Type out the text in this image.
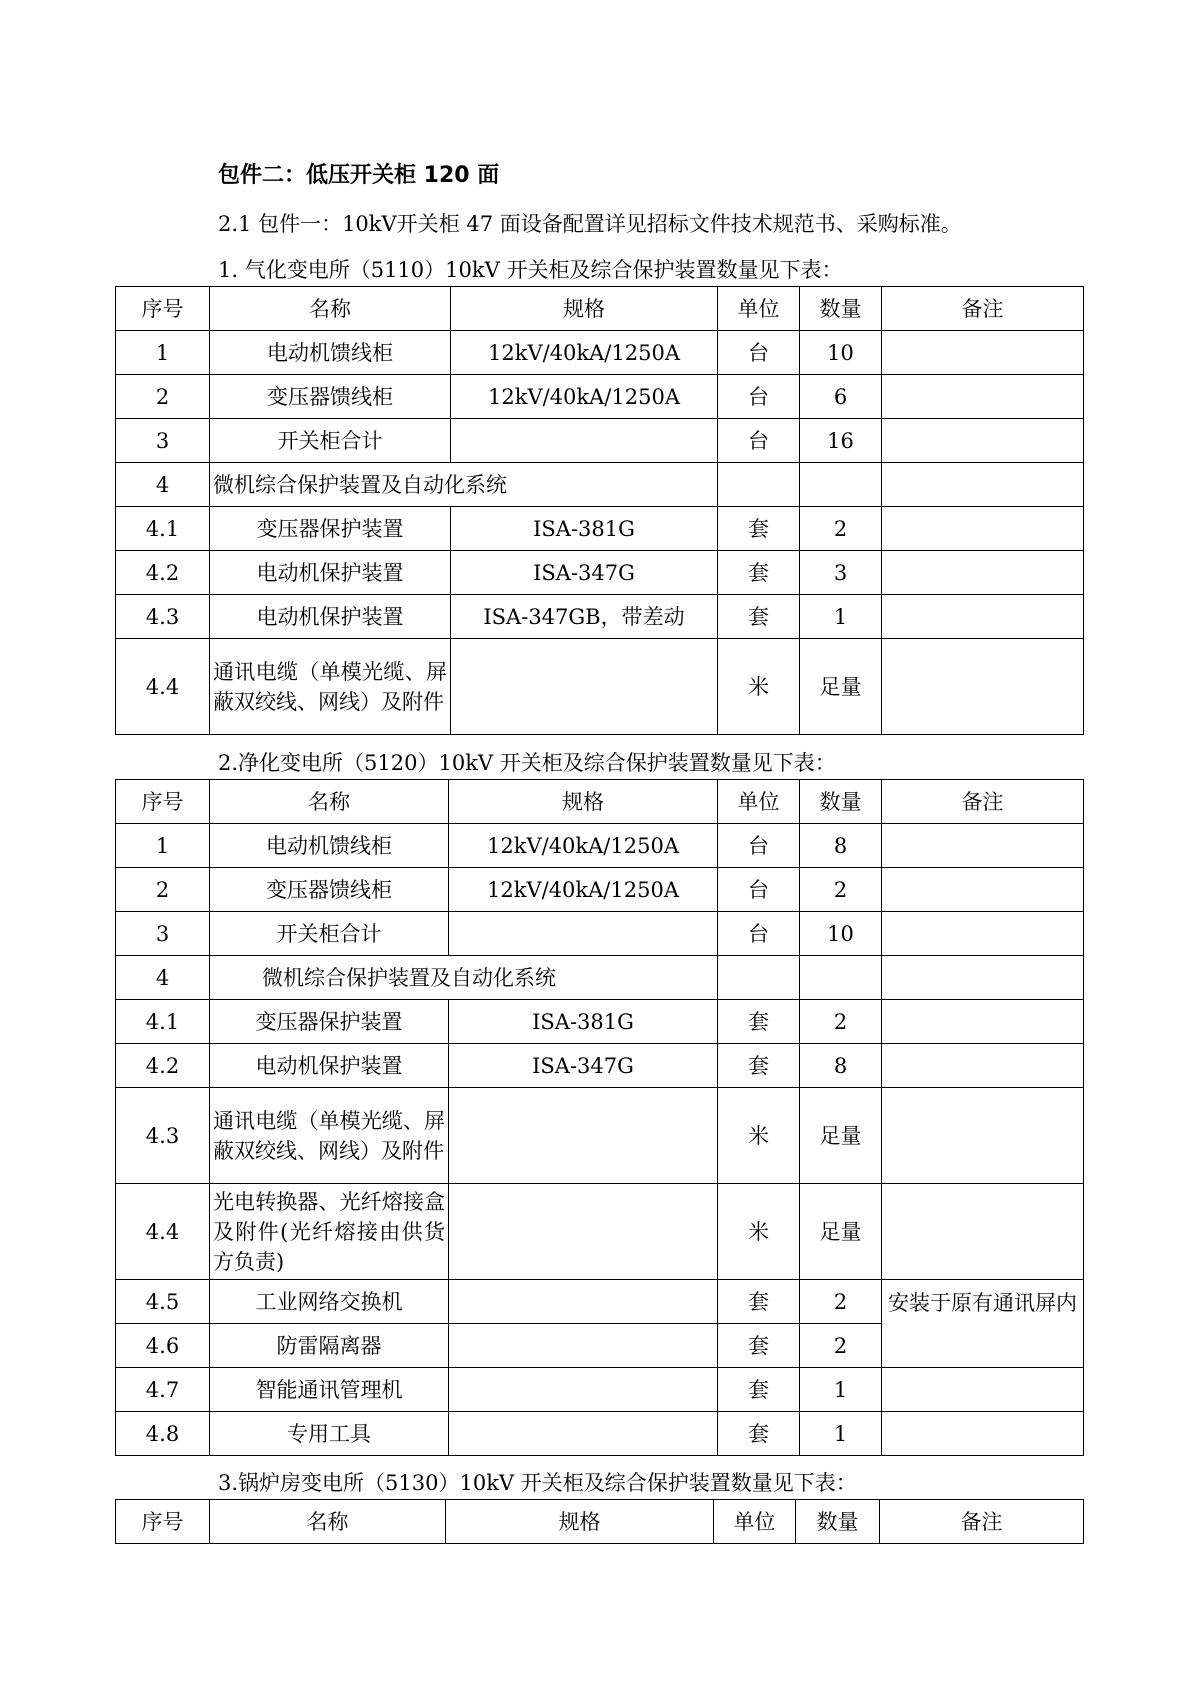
包件二：低压开关柜 120 面
2.1 包件一：10kV开关柜 47 面设备配置详见招标文件技术规范书、采购标准。
1. 气化变电所（5110）10kV 开关柜及综合保护装置数量见下表：
序号	名称	规格	单位	数量	备注
1	电动机馈线柜	12kV/40kA/1250A	台	10	
2	变压器馈线柜	12kV/40kA/1250A	台	6	
3	开关柜合计		台	16	
4	微机综合保护装置及自动化系统				
4.1	变压器保护装置	ISA-381G	套	2	
4.2	电动机保护装置	ISA-347G	套	3	
4.3	电动机保护装置	ISA-347GB，带差动	套	1	
4.4	通讯电缆（单模光缆、屏蔽双绞线、网线）及附件		米	足量	
2.净化变电所（5120）10kV 开关柜及综合保护装置数量见下表：
序号	名称	规格	单位	数量	备注
1	电动机馈线柜	12kV/40kA/1250A	台	8	
2	变压器馈线柜	12kV/40kA/1250A	台	2	
3	开关柜合计		台	10	
4	微机综合保护装置及自动化系统				
4.1	变压器保护装置	ISA-381G	套	2	
4.2	电动机保护装置	ISA-347G	套	8	
4.3	通讯电缆（单模光缆、屏蔽双绞线、网线）及附件		米	足量	
4.4	光电转换器、光纤熔接盒及附件(光纤熔接由供货方负责)		米	足量	
4.5	工业网络交换机		套	2	安装于原有通讯屏内
4.6	防雷隔离器		套	2	
4.7	智能通讯管理机		套	1	
4.8	专用工具		套	1	
3.锅炉房变电所（5130）10kV 开关柜及综合保护装置数量见下表：
序号	名称	规格	单位	数量	备注
